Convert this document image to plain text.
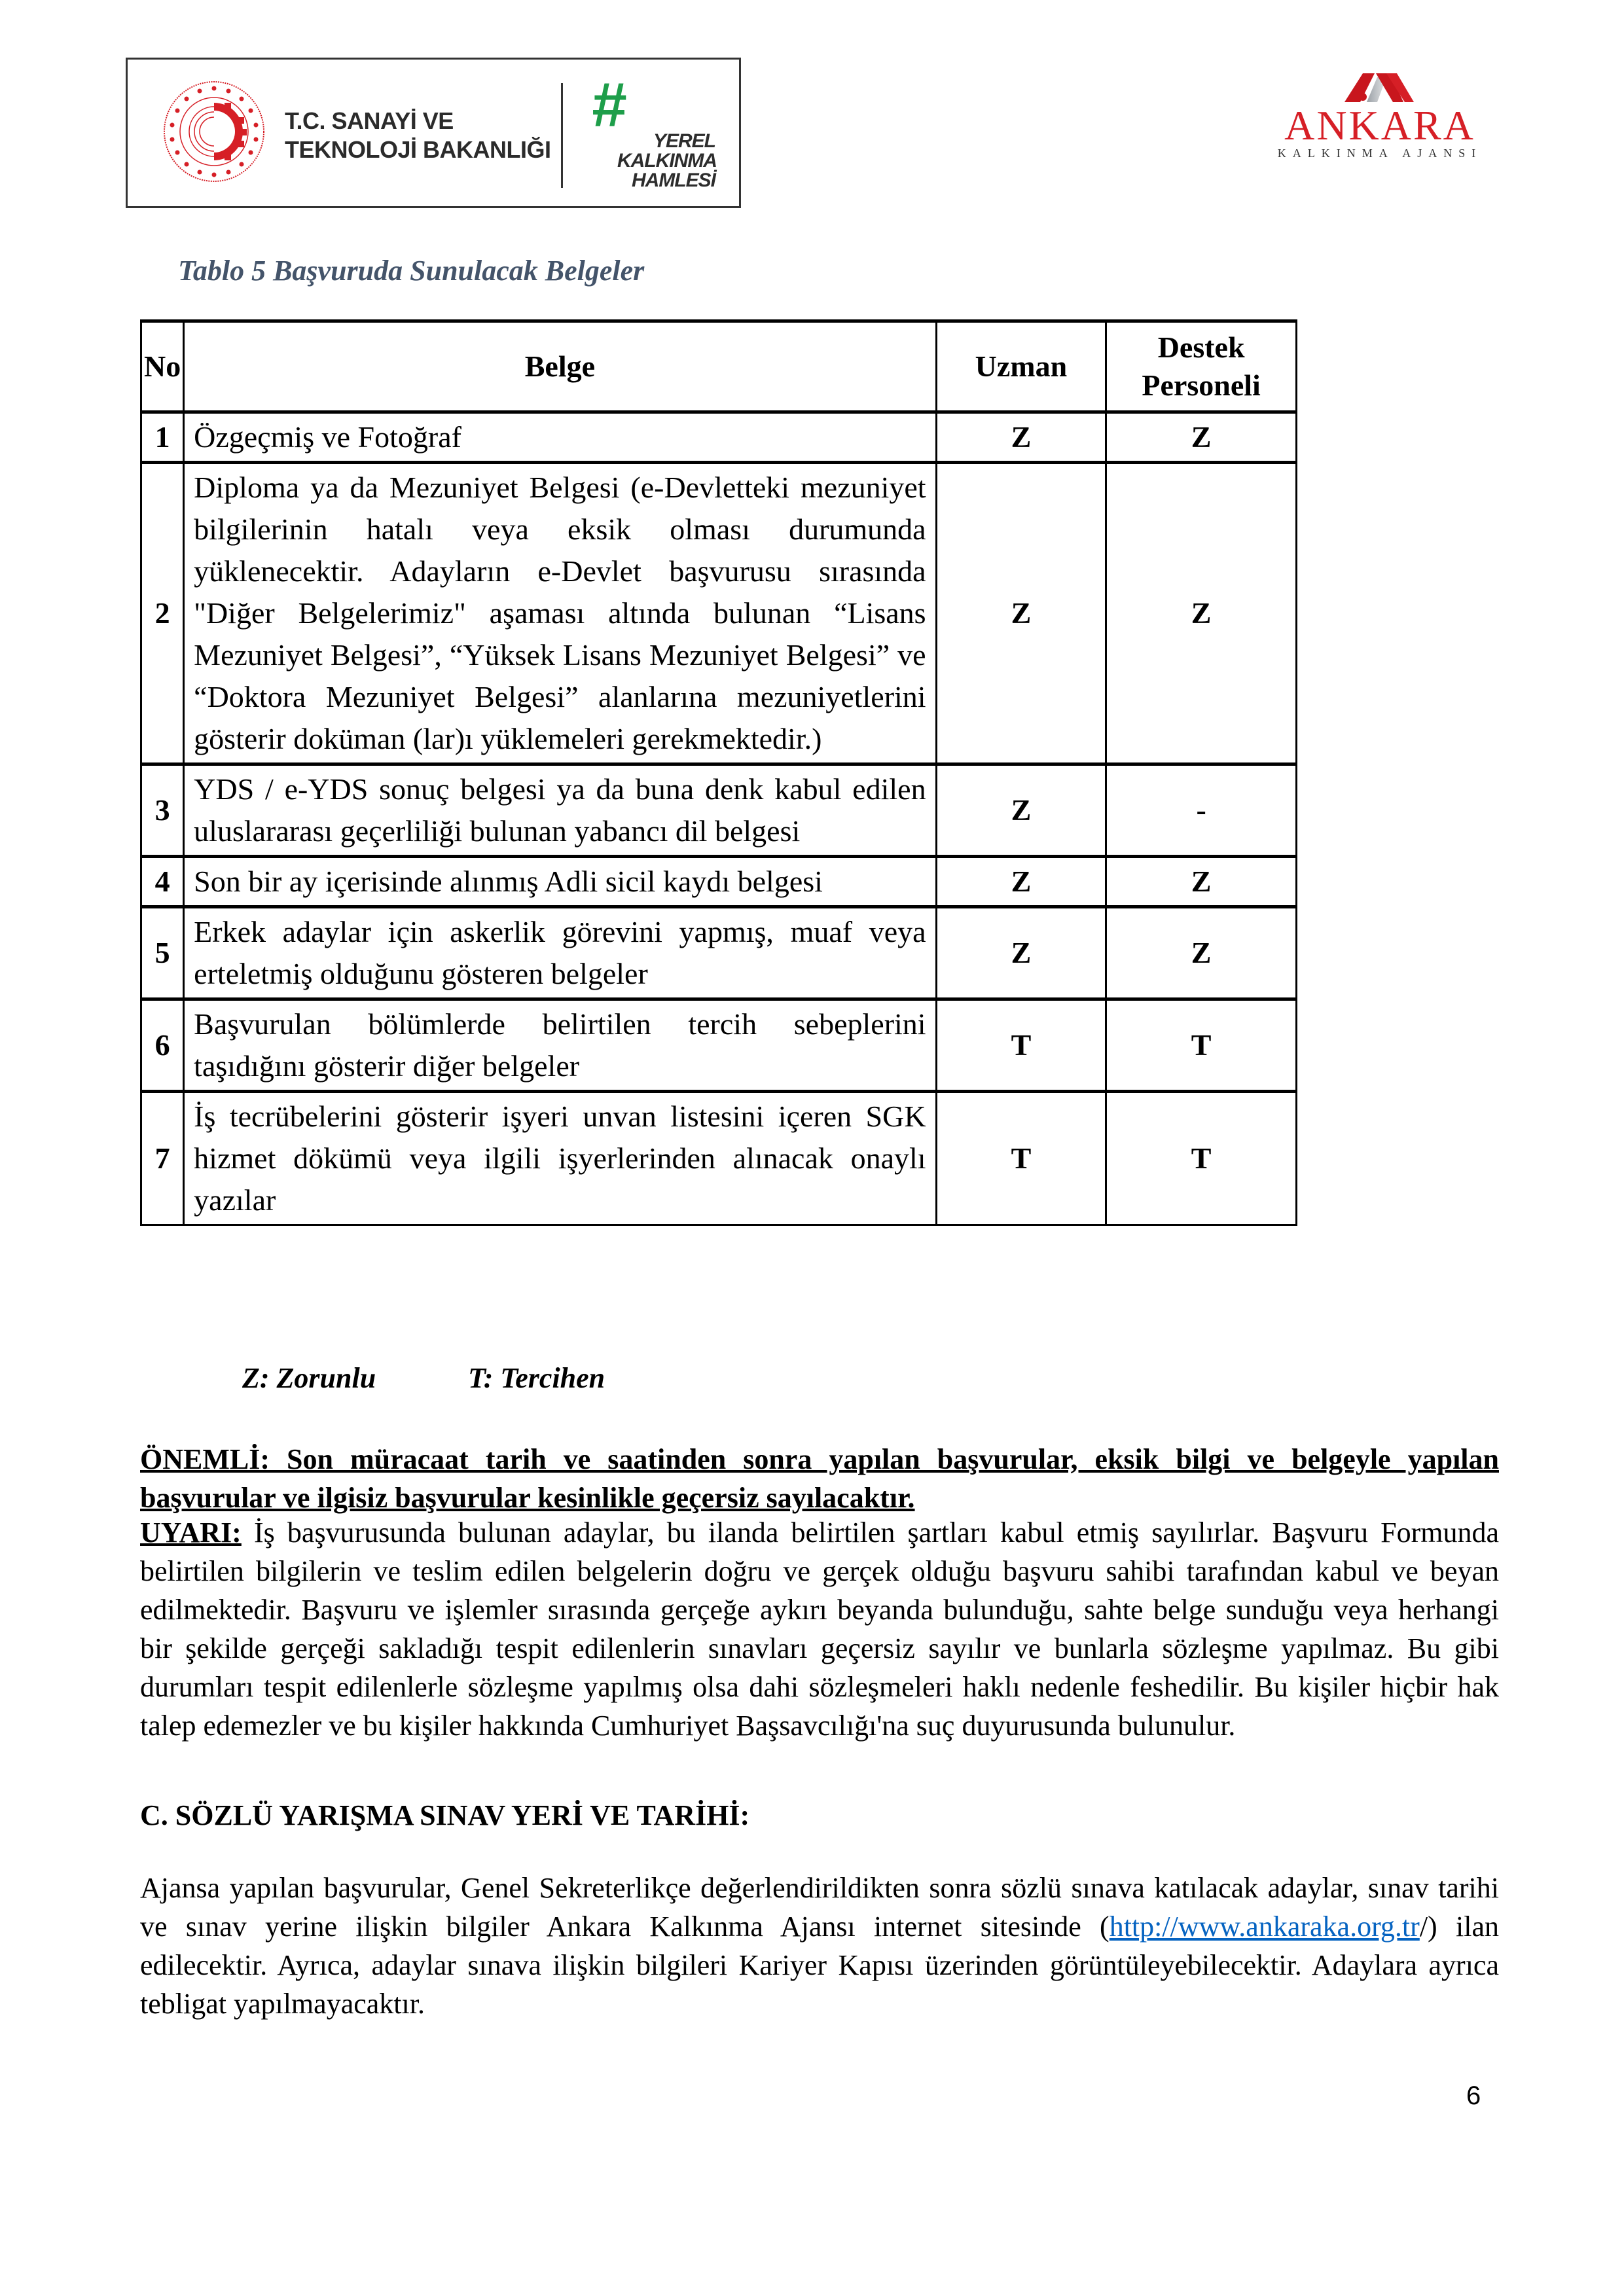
T.C. SANAYİ VE
TEKNOLOJİ BAKANLIĞI
#
YEREL
KALKINMA
HAMLESİ
ANKARA
KALKINMA AJANSI
Tablo 5 Başvuruda Sunulacak Belgeler
No	Belge	Uzman	Destek Personeli
1	Özgeçmiş ve Fotoğraf	Z	Z
2	Diploma ya da Mezuniyet Belgesi (e-Devletteki mezuniyet bilgilerinin hatalı veya eksik olması durumunda yüklenecektir. Adayların e-Devlet başvurusu sırasında "Diğer Belgelerimiz" aşaması altında bulunan “Lisans Mezuniyet Belgesi”, “Yüksek Lisans Mezuniyet Belgesi” ve “Doktora Mezuniyet Belgesi” alanlarına mezuniyetlerini gösterir doküman (lar)ı yüklemeleri gerekmektedir.)	Z	Z
3	YDS / e-YDS sonuç belgesi ya da buna denk kabul edilen uluslararası geçerliliği bulunan yabancı dil belgesi	Z	-
4	Son bir ay içerisinde alınmış Adli sicil kaydı belgesi	Z	Z
5	Erkek adaylar için askerlik görevini yapmış, muaf veya erteletmiş olduğunu gösteren belgeler	Z	Z
6	Başvurulan bölümlerde belirtilen tercih sebeplerini taşıdığını gösterir diğer belgeler	T	T
7	İş tecrübelerini gösterir işyeri unvan listesini içeren SGK hizmet dökümü veya ilgili işyerlerinden alınacak onaylı yazılar	T	T
Z: Zorunlu	T: Tercihen
ÖNEMLİ: Son müracaat tarih ve saatinden sonra yapılan başvurular, eksik bilgi ve belgeyle yapılan başvurular ve ilgisiz başvurular kesinlikle geçersiz sayılacaktır.
UYARI: İş başvurusunda bulunan adaylar, bu ilanda belirtilen şartları kabul etmiş sayılırlar. Başvuru Formunda belirtilen bilgilerin ve teslim edilen belgelerin doğru ve gerçek olduğu başvuru sahibi tarafından kabul ve beyan edilmektedir. Başvuru ve işlemler sırasında gerçeğe aykırı beyanda bulunduğu, sahte belge sunduğu veya herhangi bir şekilde gerçeği sakladığı tespit edilenlerin sınavları geçersiz sayılır ve bunlarla sözleşme yapılmaz. Bu gibi durumları tespit edilenlerle sözleşme yapılmış olsa dahi sözleşmeleri haklı nedenle feshedilir. Bu kişiler hiçbir hak talep edemezler ve bu kişiler hakkında Cumhuriyet Başsavcılığı'na suç duyurusunda bulunulur.
C. SÖZLÜ YARIŞMA SINAV YERİ VE TARİHİ:
Ajansa yapılan başvurular, Genel Sekreterlikçe değerlendirildikten sonra sözlü sınava katılacak adaylar, sınav tarihi ve sınav yerine ilişkin bilgiler Ankara Kalkınma Ajansı internet sitesinde (http://www.ankaraka.org.tr/) ilan edilecektir. Ayrıca, adaylar sınava ilişkin bilgileri Kariyer Kapısı üzerinden görüntüleyebilecektir. Adaylara ayrıca tebligat yapılmayacaktır.
6
